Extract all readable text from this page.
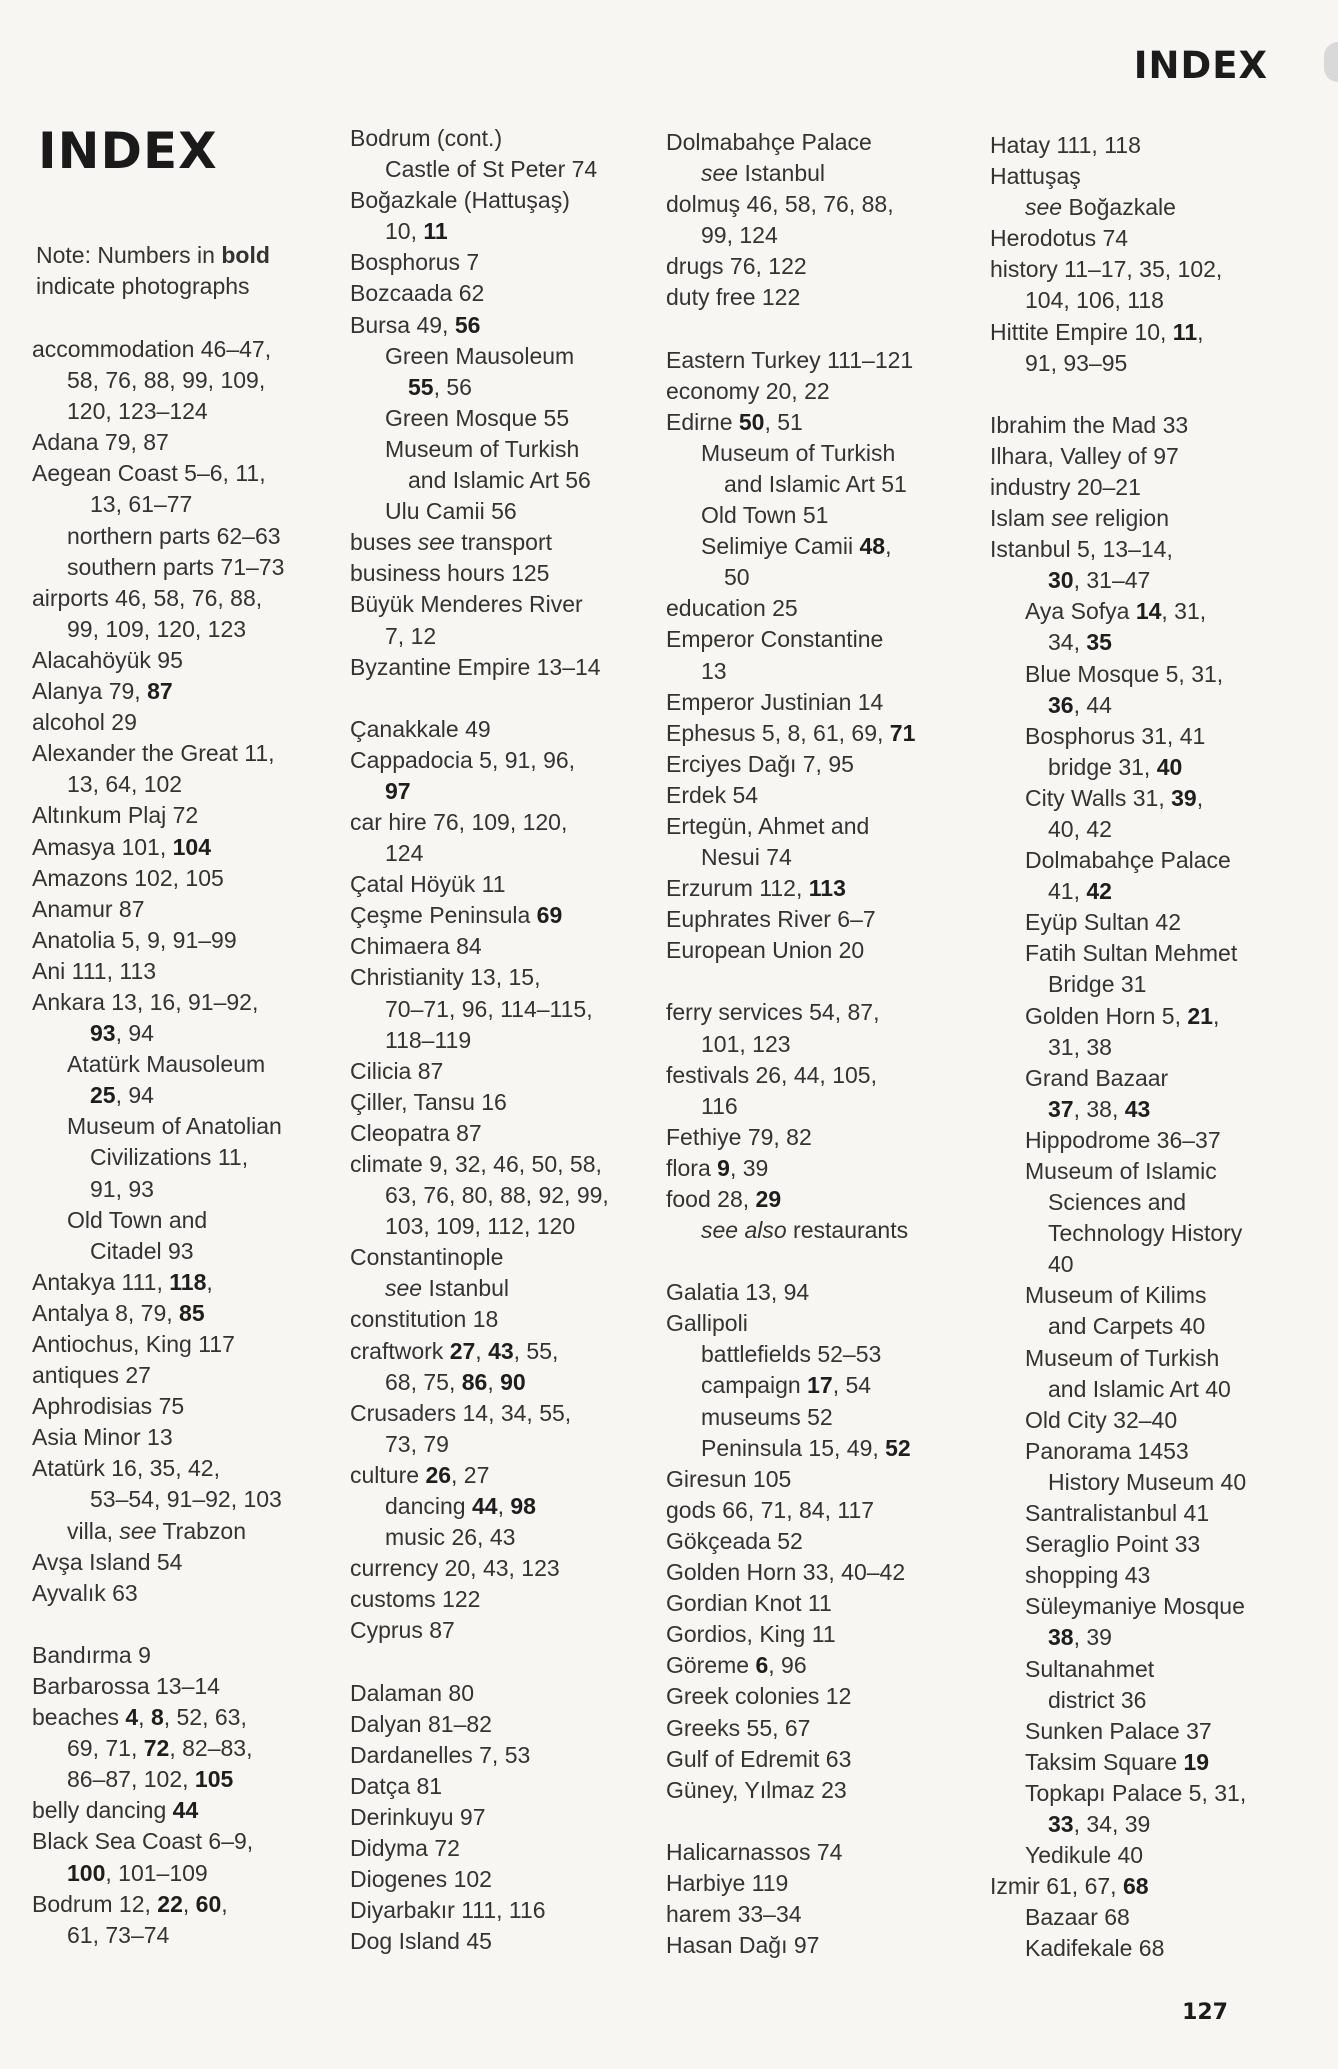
INDEX
INDEX
Note: Numbers in bold indicate photographs
accommodation 46–47,
58, 76, 88, 99, 109,
120, 123–124
Adana 79, 87
Aegean Coast 5–6, 11,
13, 61–77
northern parts 62–63
southern parts 71–73
airports 46, 58, 76, 88,
99, 109, 120, 123
Alacahöyük 95
Alanya 79, 87
alcohol 29
Alexander the Great 11,
13, 64, 102
Altınkum Plaj 72
Amasya 101, 104
Amazons 102, 105
Anamur 87
Anatolia 5, 9, 91–99
Ani 111, 113
Ankara 13, 16, 91–92,
93, 94
Atatürk Mausoleum
25, 94
Museum of Anatolian
Civilizations 11,
91, 93
Old Town and
Citadel 93
Antakya 111, 118,
Antalya 8, 79, 85
Antiochus, King 117
antiques 27
Aphrodisias 75
Asia Minor 13
Atatürk 16, 35, 42,
53–54, 91–92, 103
villa, see Trabzon
Avşa Island 54
Ayvalık 63
Bandırma 9
Barbarossa 13–14
beaches 4, 8, 52, 63,
69, 71, 72, 82–83,
86–87, 102, 105
belly dancing 44
Black Sea Coast 6–9,
100, 101–109
Bodrum 12, 22, 60,
61, 73–74
Bodrum (cont.)
Castle of St Peter 74
Boğazkale (Hattuşaş)
10, 11
Bosphorus 7
Bozcaada 62
Bursa 49, 56
Green Mausoleum
55, 56
Green Mosque 55
Museum of Turkish
and Islamic Art 56
Ulu Camii 56
buses see transport
business hours 125
Büyük Menderes River
7, 12
Byzantine Empire 13–14
Çanakkale 49
Cappadocia 5, 91, 96,
97
car hire 76, 109, 120,
124
Çatal Höyük 11
Çeşme Peninsula 69
Chimaera 84
Christianity 13, 15,
70–71, 96, 114–115,
118–119
Cilicia 87
Çiller, Tansu 16
Cleopatra 87
climate 9, 32, 46, 50, 58,
63, 76, 80, 88, 92, 99,
103, 109, 112, 120
Constantinople
see Istanbul
constitution 18
craftwork 27, 43, 55,
68, 75, 86, 90
Crusaders 14, 34, 55,
73, 79
culture 26, 27
dancing 44, 98
music 26, 43
currency 20, 43, 123
customs 122
Cyprus 87
Dalaman 80
Dalyan 81–82
Dardanelles 7, 53
Datça 81
Derinkuyu 97
Didyma 72
Diogenes 102
Diyarbakır 111, 116
Dog Island 45
Dolmabahçe Palace
see Istanbul
dolmuş 46, 58, 76, 88,
99, 124
drugs 76, 122
duty free 122
Eastern Turkey 111–121
economy 20, 22
Edirne 50, 51
Museum of Turkish
and Islamic Art 51
Old Town 51
Selimiye Camii 48,
50
education 25
Emperor Constantine
13
Emperor Justinian 14
Ephesus 5, 8, 61, 69, 71
Erciyes Dağı 7, 95
Erdek 54
Ertegün, Ahmet and
Nesui 74
Erzurum 112, 113
Euphrates River 6–7
European Union 20
ferry services 54, 87,
101, 123
festivals 26, 44, 105,
116
Fethiye 79, 82
flora 9, 39
food 28, 29
see also restaurants
Galatia 13, 94
Gallipoli
battlefields 52–53
campaign 17, 54
museums 52
Peninsula 15, 49, 52
Giresun 105
gods 66, 71, 84, 117
Gökçeada 52
Golden Horn 33, 40–42
Gordian Knot 11
Gordios, King 11
Göreme 6, 96
Greek colonies 12
Greeks 55, 67
Gulf of Edremit 63
Güney, Yılmaz 23
Halicarnassos 74
Harbiye 119
harem 33–34
Hasan Dağı 97
Hatay 111, 118
Hattuşaş
see Boğazkale
Herodotus 74
history 11–17, 35, 102,
104, 106, 118
Hittite Empire 10, 11,
91, 93–95
Ibrahim the Mad 33
Ilhara, Valley of 97
industry 20–21
Islam see religion
Istanbul 5, 13–14,
30, 31–47
Aya Sofya 14, 31,
34, 35
Blue Mosque 5, 31,
36, 44
Bosphorus 31, 41
bridge 31, 40
City Walls 31, 39,
40, 42
Dolmabahçe Palace
41, 42
Eyüp Sultan 42
Fatih Sultan Mehmet
Bridge 31
Golden Horn 5, 21,
31, 38
Grand Bazaar
37, 38, 43
Hippodrome 36–37
Museum of Islamic
Sciences and
Technology History
40
Museum of Kilims
and Carpets 40
Museum of Turkish
and Islamic Art 40
Old City 32–40
Panorama 1453
History Museum 40
Santralistanbul 41
Seraglio Point 33
shopping 43
Süleymaniye Mosque
38, 39
Sultanahmet
district 36
Sunken Palace 37
Taksim Square 19
Topkapı Palace 5, 31,
33, 34, 39
Yedikule 40
Izmir 61, 67, 68
Bazaar 68
Kadifekale 68
127
